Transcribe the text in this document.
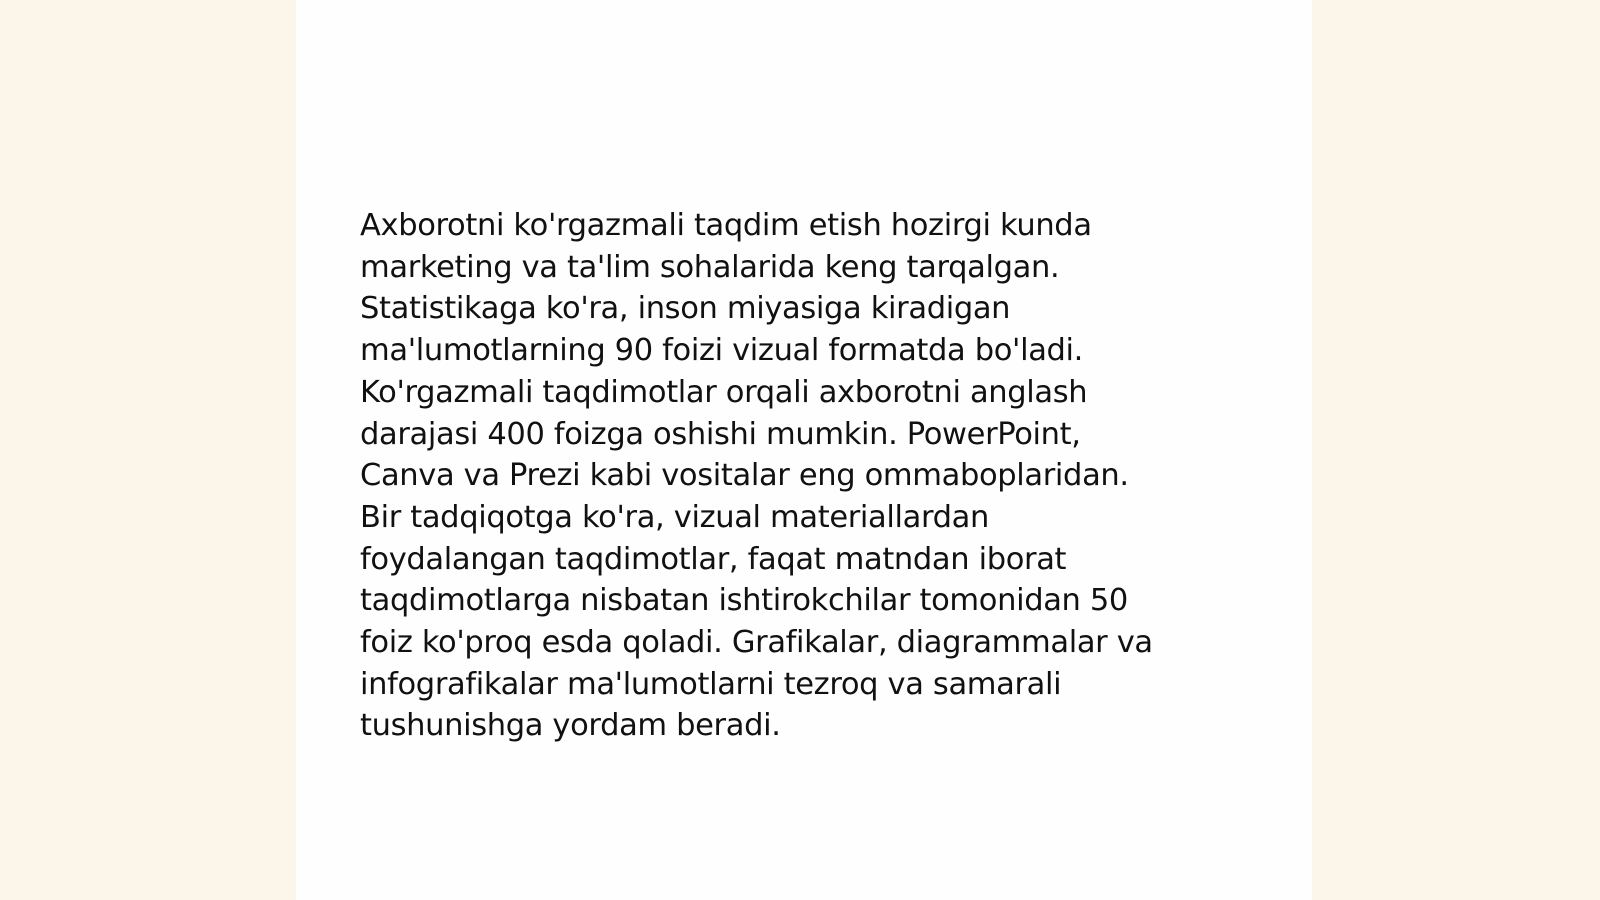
Axborotni ko'rgazmali taqdim etish hozirgi kunda
marketing va ta'lim sohalarida keng tarqalgan.
Statistikaga ko'ra, inson miyasiga kiradigan
ma'lumotlarning 90 foizi vizual formatda bo'ladi.
Ko'rgazmali taqdimotlar orqali axborotni anglash
darajasi 400 foizga oshishi mumkin. PowerPoint,
Canva va Prezi kabi vositalar eng ommaboplaridan.
Bir tadqiqotga ko'ra, vizual materiallardan
foydalangan taqdimotlar, faqat matndan iborat
taqdimotlarga nisbatan ishtirokchilar tomonidan 50
foiz ko'proq esda qoladi. Grafikalar, diagrammalar va
infografikalar ma'lumotlarni tezroq va samarali
tushunishga yordam beradi.
